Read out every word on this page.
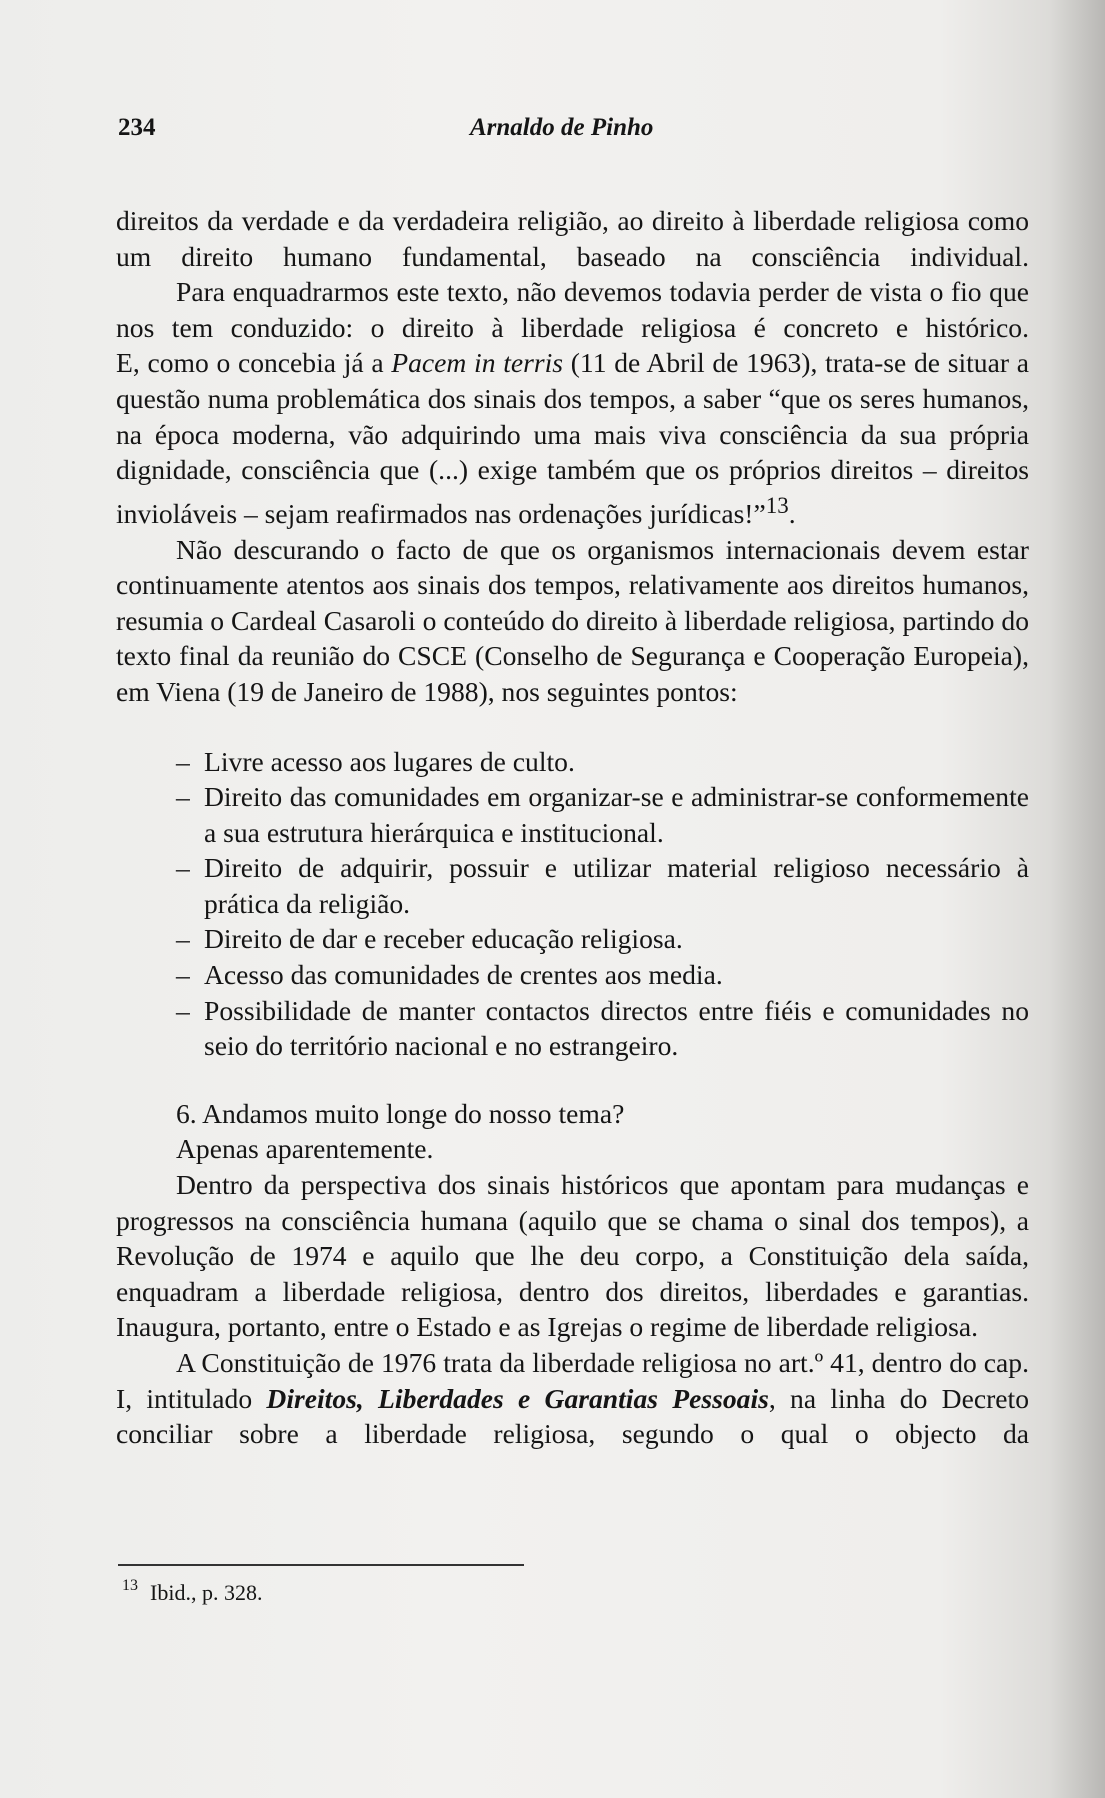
234	Arnaldo de Pinho

direitos da verdade e da verdadeira religião, ao direito à liberdade religiosa como um direito humano fundamental, baseado na consciência individual.

Para enquadrarmos este texto, não devemos todavia perder de vista o fio que nos tem conduzido: o direito à liberdade religiosa é concreto e histórico.

E, como o concebia já a Pacem in terris (11 de Abril de 1963), trata-se de situar a questão numa problemática dos sinais dos tempos, a saber “que os seres humanos, na época moderna, vão adquirindo uma mais viva consciência da sua própria dignidade, consciência que (...) exige também que os próprios direitos – direitos invioláveis – sejam reafirmados nas ordenações jurídicas!”$^{13}$.

Não descurando o facto de que os organismos internacionais devem estar continuamente atentos aos sinais dos tempos, relativamente aos direitos humanos, resumia o Cardeal Casaroli o conteúdo do direito à liberdade religiosa, partindo do texto final da reunião do CSCE (Conselho de Segurança e Cooperação Europeia), em Viena (19 de Janeiro de 1988), nos seguintes pontos:

– Livre acesso aos lugares de culto.
– Direito das comunidades em organizar-se e administrar-se conformemente a sua estrutura hierárquica e institucional.
– Direito de adquirir, possuir e utilizar material religioso necessário à prática da religião.
– Direito de dar e receber educação religiosa.
– Acesso das comunidades de crentes aos media.
– Possibilidade de manter contactos directos entre fiéis e comunidades no seio do território nacional e no estrangeiro.

6. Andamos muito longe do nosso tema?

Apenas aparentemente.

Dentro da perspectiva dos sinais históricos que apontam para mudanças e progressos na consciência humana (aquilo que se chama o sinal dos tempos), a Revolução de 1974 e aquilo que lhe deu corpo, a Constituição dela saída, enquadram a liberdade religiosa, dentro dos direitos, liberdades e garantias. Inaugura, portanto, entre o Estado e as Igrejas o regime de liberdade religiosa.

A Constituição de 1976 trata da liberdade religiosa no art.º 41, dentro do cap. I, intitulado Direitos, Liberdades e Garantias Pessoais, na linha do Decreto conciliar sobre a liberdade religiosa, segundo o qual o objecto da

$^{13}$ Ibid., p. 328.
